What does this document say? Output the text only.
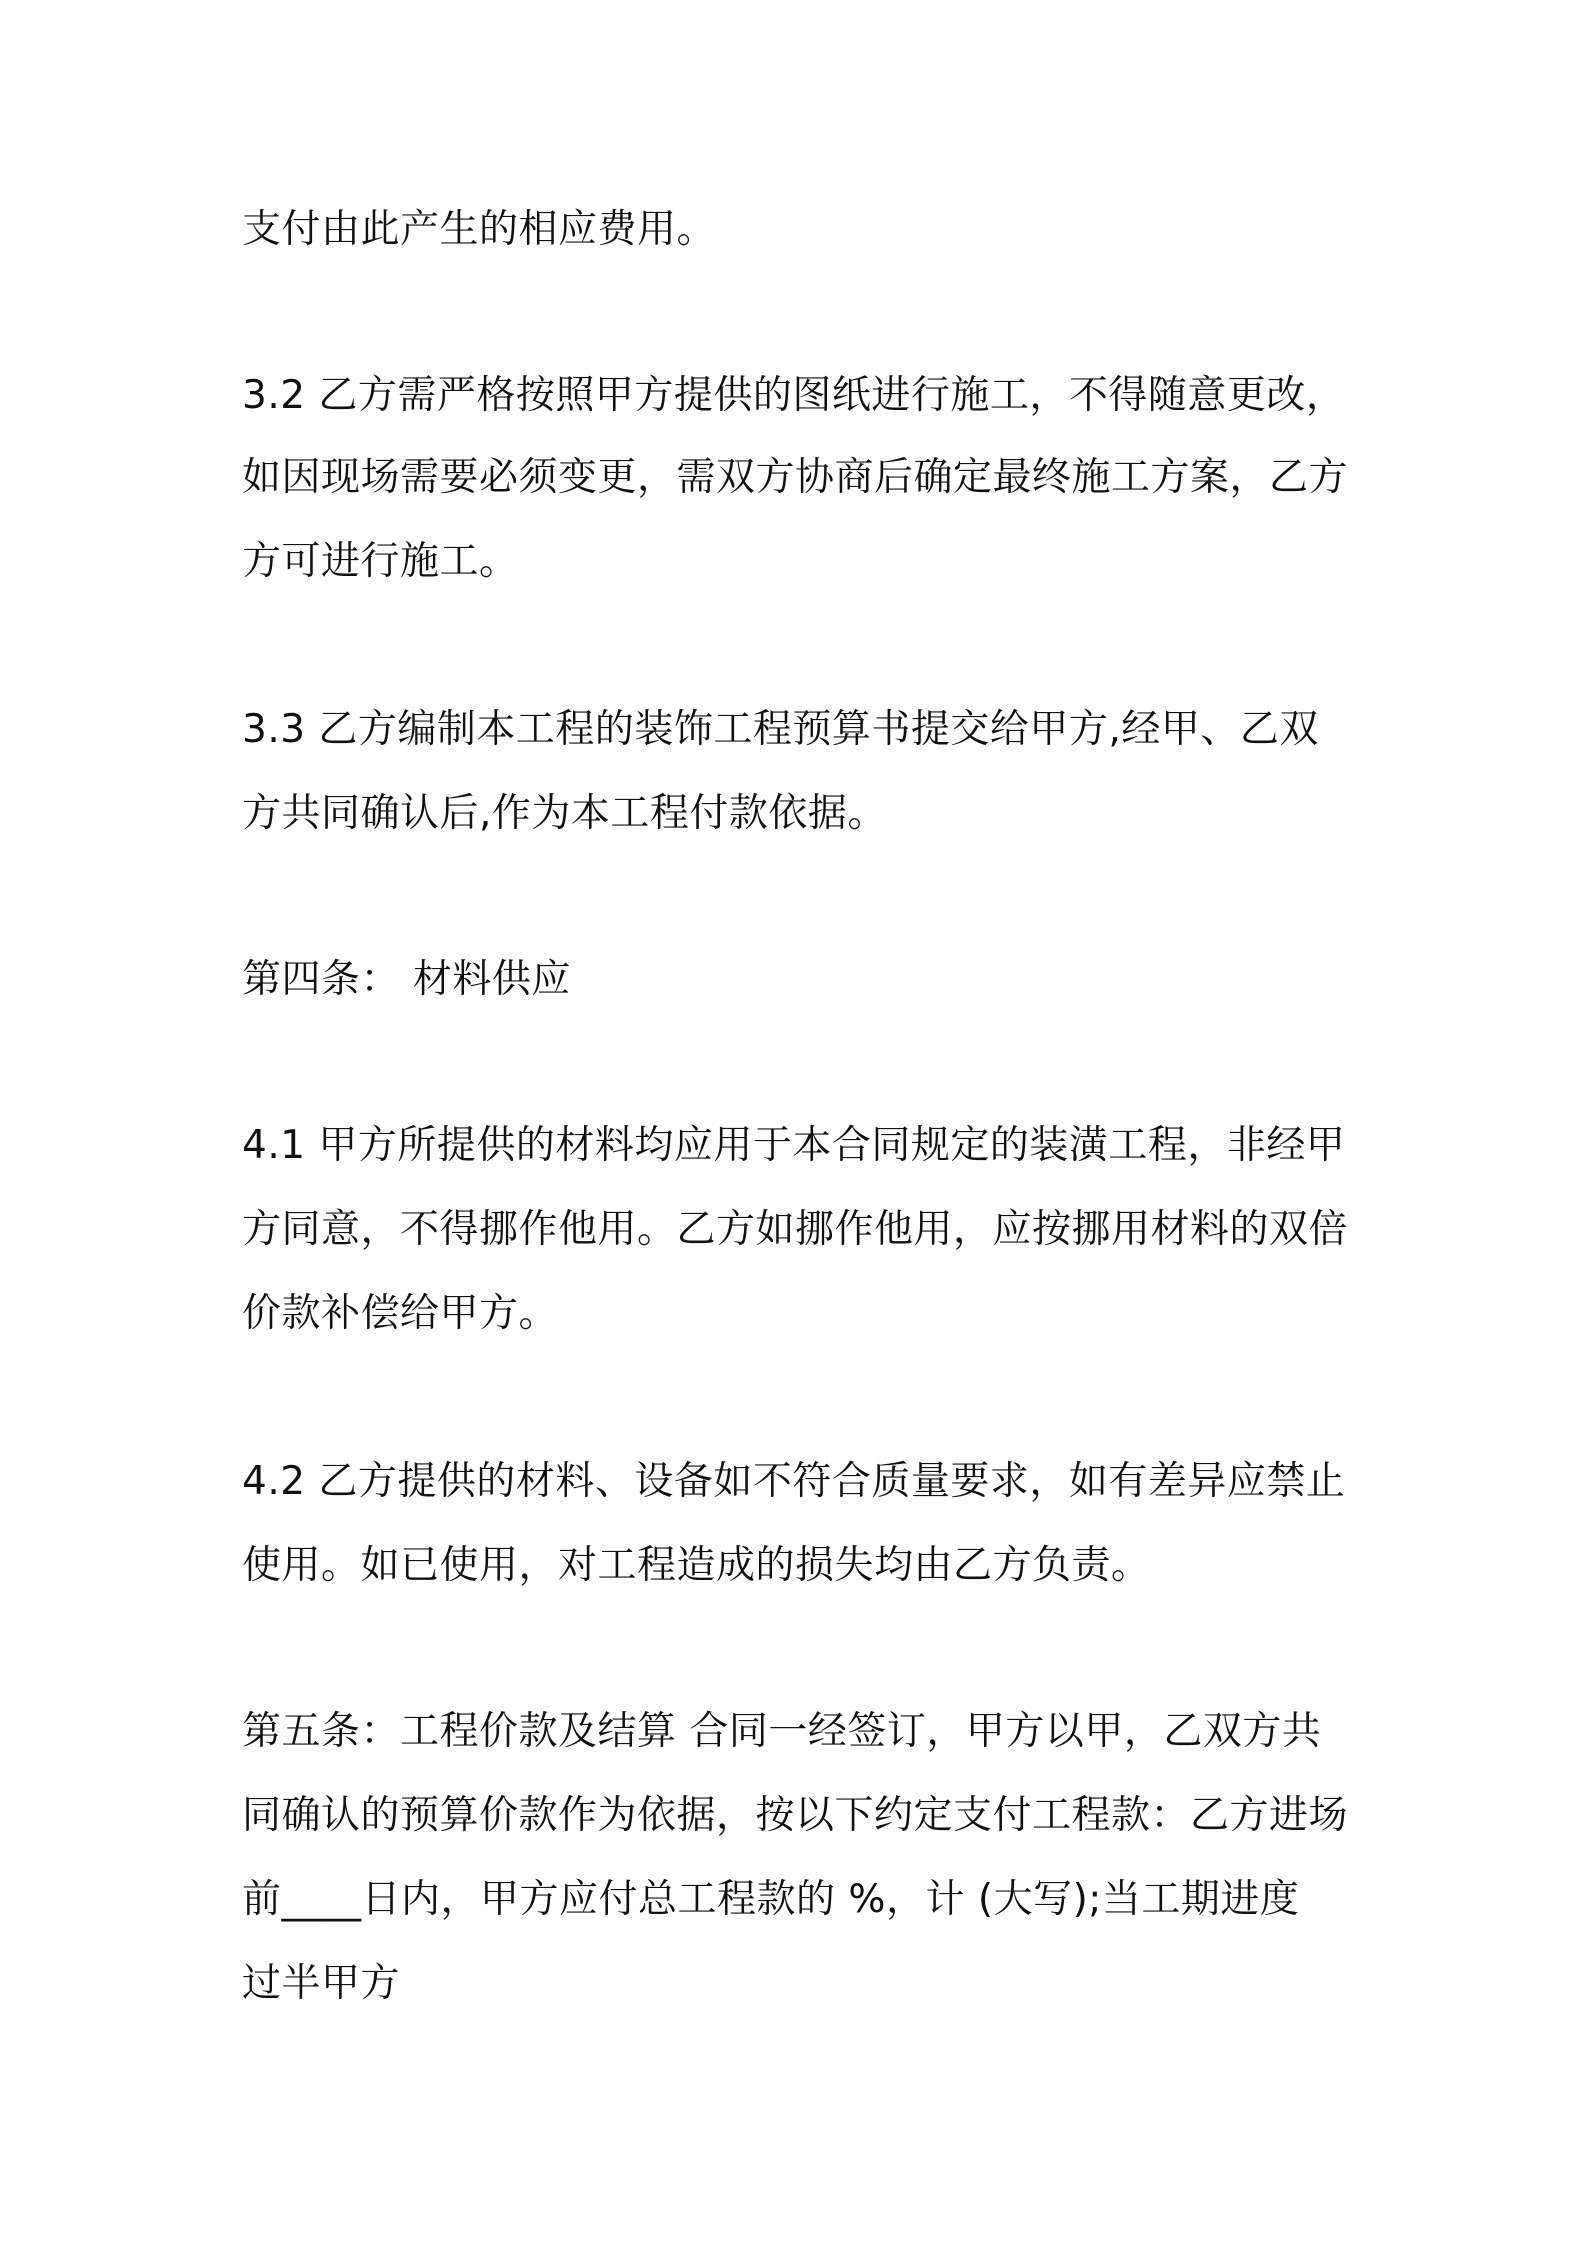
支付由此产生的相应费用。

3.2 乙方需严格按照甲方提供的图纸进行施工，不得随意更改，

如因现场需要必须变更，需双方协商后确定最终施工方案，乙方

方可进行施工。

3.3 乙方编制本工程的装饰工程预算书提交给甲方,经甲、乙双

方共同确认后,作为本工程付款依据。

第四条： 材料供应

4.1 甲方所提供的材料均应用于本合同规定的装潢工程，非经甲

方同意，不得挪作他用。乙方如挪作他用，应按挪用材料的双倍

价款补偿给甲方。

4.2 乙方提供的材料、设备如不符合质量要求，如有差异应禁止

使用。如已使用，对工程造成的损失均由乙方负责。

第五条：工程价款及结算 合同一经签订，甲方以甲，乙双方共

同确认的预算价款作为依据，按以下约定支付工程款：乙方进场

前____日内，甲方应付总工程款的 %，计 (大写);当工期进度

过半甲方
